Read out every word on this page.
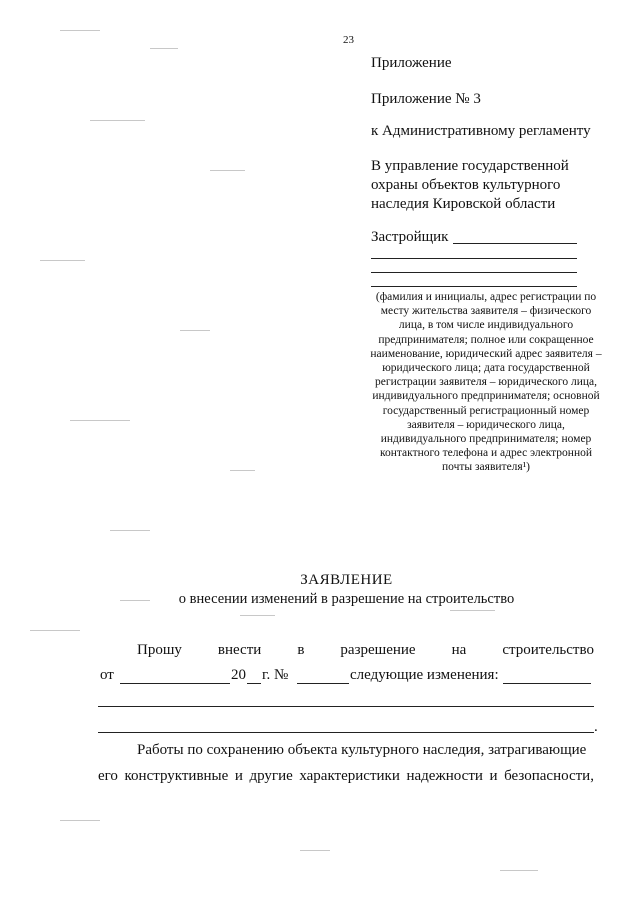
23
Приложение
Приложение № 3
к Административному регламенту
В управление государственной охраны объектов культурного наследия Кировской области
Застройщик
(фамилия и инициалы, адрес регистрации по месту жительства заявителя – физического лица, в том числе индивидуального предпринимателя; полное или сокращенное наименование, юридический адрес заявителя – юридического лица; дата государственной регистрации заявителя – юридического лица, индивидуального предпринимателя; основной государственный регистрационный номер заявителя – юридического лица, индивидуального предпринимателя; номер контактного телефона и адрес электронной почты заявителя¹)
ЗАЯВЛЕНИЕ
о внесении изменений в разрешение на строительство
Прошу внести в разрешение на строительство
от	20 г. №	следующие изменения:
.
Работы по сохранению объекта культурного наследия, затрагивающие
его конструктивные и другие характеристики надежности и безопасности,
